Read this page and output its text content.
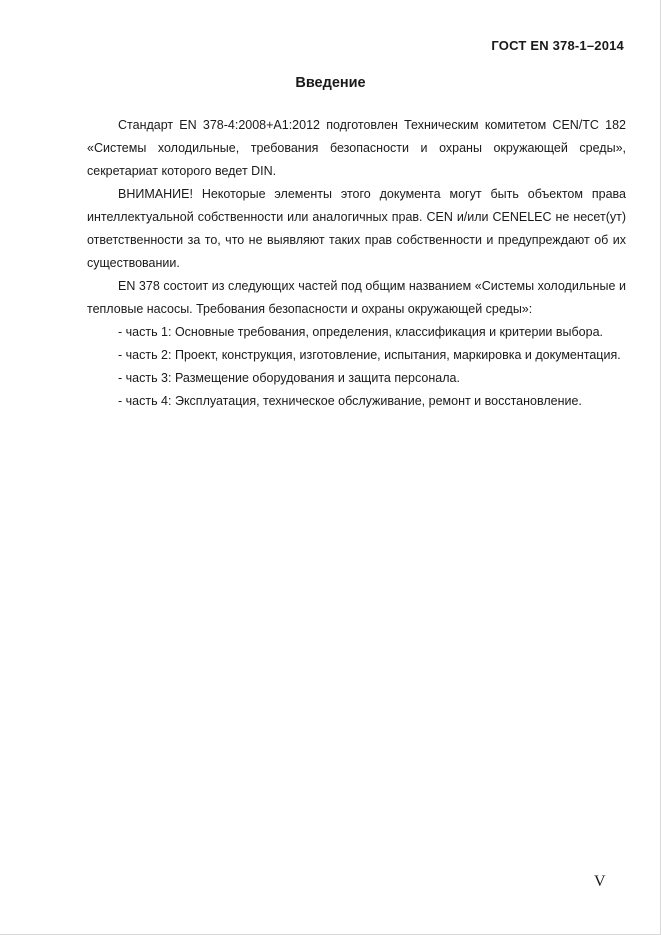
ГОСТ EN 378-1–2014
Введение

Стандарт EN 378-4:2008+A1:2012 подготовлен Техническим комитетом CEN/TC 182 «Системы холодильные, требования безопасности и охраны окружающей среды», секретариат которого ведет DIN.

ВНИМАНИЕ! Некоторые элементы этого документа могут быть объектом права интеллектуальной собственности или аналогичных прав. CEN и/или CENELEC не несет(ут) ответственности за то, что не выявляют таких прав собственности и предупреждают об их существовании.

EN 378 состоит из следующих частей под общим названием «Системы холодильные и тепловые насосы. Требования безопасности и охраны окружающей среды»:

- часть 1: Основные требования, определения, классификация и критерии выбора.

- часть 2: Проект, конструкция, изготовление, испытания, маркировка и документация.

- часть 3: Размещение оборудования и защита персонала.

- часть 4: Эксплуатация, техническое обслуживание, ремонт и восстановление.

V
